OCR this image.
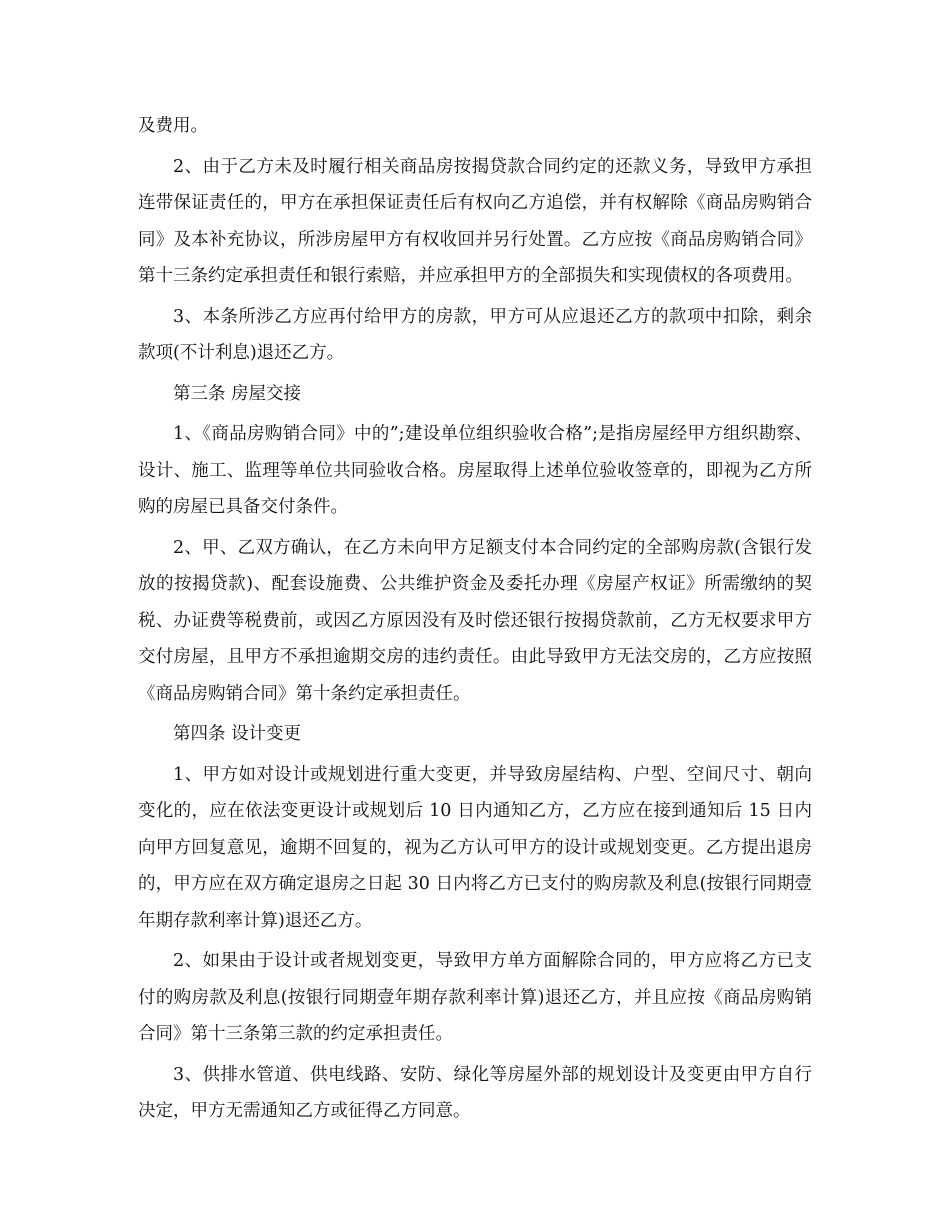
及费用。

2、由于乙方未及时履行相关商品房按揭贷款合同约定的还款义务，导致甲方承担连带保证责任的，甲方在承担保证责任后有权向乙方追偿，并有权解除《商品房购销合同》及本补充协议，所涉房屋甲方有权收回并另行处置。乙方应按《商品房购销合同》第十三条约定承担责任和银行索赔，并应承担甲方的全部损失和实现债权的各项费用。

3、本条所涉乙方应再付给甲方的房款，甲方可从应退还乙方的款项中扣除，剩余款项(不计利息)退还乙方。

第三条 房屋交接

1、《商品房购销合同》中的”;建设单位组织验收合格”;是指房屋经甲方组织勘察、设计、施工、监理等单位共同验收合格。房屋取得上述单位验收签章的，即视为乙方所购的房屋已具备交付条件。

2、甲、乙双方确认，在乙方未向甲方足额支付本合同约定的全部购房款(含银行发放的按揭贷款)、配套设施费、公共维护资金及委托办理《房屋产权证》所需缴纳的契税、办证费等税费前，或因乙方原因没有及时偿还银行按揭贷款前，乙方无权要求甲方交付房屋，且甲方不承担逾期交房的违约责任。由此导致甲方无法交房的，乙方应按照《商品房购销合同》第十条约定承担责任。

第四条 设计变更

1、甲方如对设计或规划进行重大变更，并导致房屋结构、户型、空间尺寸、朝向变化的，应在依法变更设计或规划后 10 日内通知乙方，乙方应在接到通知后 15 日内向甲方回复意见，逾期不回复的，视为乙方认可甲方的设计或规划变更。乙方提出退房的，甲方应在双方确定退房之日起 30 日内将乙方已支付的购房款及利息(按银行同期壹年期存款利率计算)退还乙方。

2、如果由于设计或者规划变更，导致甲方单方面解除合同的，甲方应将乙方已支付的购房款及利息(按银行同期壹年期存款利率计算)退还乙方，并且应按《商品房购销合同》第十三条第三款的约定承担责任。

3、供排水管道、供电线路、安防、绿化等房屋外部的规划设计及变更由甲方自行决定，甲方无需通知乙方或征得乙方同意。
